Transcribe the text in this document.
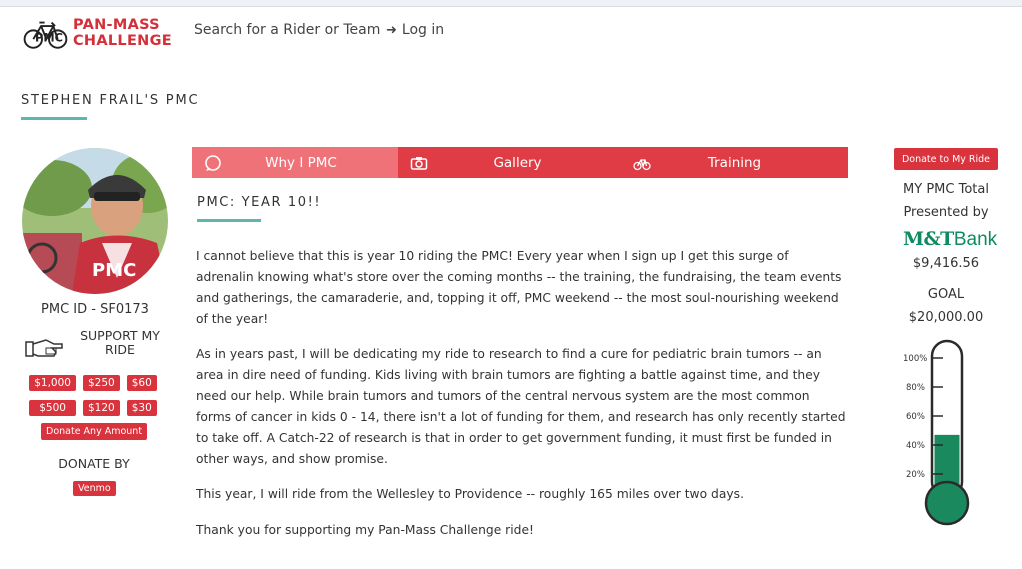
PMC
PAN-MASS
CHALLENGE
Search for a Rider or Team ➜ Log in
STEPHEN FRAIL'S PMC
PMC
PMC ID - SF0173
SUPPORT MY
RIDE
$1,000	$250	$60
$500	$120	$30
Donate Any Amount
DONATE BY
Venmo
Why I PMC	Gallery	Training
PMC: YEAR 10!!

I cannot believe that this is year 10 riding the PMC! Every year when I sign up I get this surge of adrenalin knowing what's store over the coming months -- the training, the fundraising, the team events and gatherings, the camaraderie, and, topping it off, PMC weekend -- the most soul-nourishing weekend of the year!

As in years past, I will be dedicating my ride to research to find a cure for pediatric brain tumors -- an area in dire need of funding. Kids living with brain tumors are fighting a battle against time, and they need our help. While brain tumors and tumors of the central nervous system are the most common forms of cancer in kids 0 - 14, there isn't a lot of funding for them, and research has only recently started to take off. A Catch-22 of research is that in order to get government funding, it must first be funded in other ways, and show promise.

This year, I will ride from the Wellesley to Providence -- roughly 165 miles over two days.

Thank you for supporting my Pan-Mass Challenge ride!

Donate to My Ride
MY PMC Total
Presented by
M&TBank
$9,416.56
GOAL
$20,000.00
100%
80%
60%
40%
20%
